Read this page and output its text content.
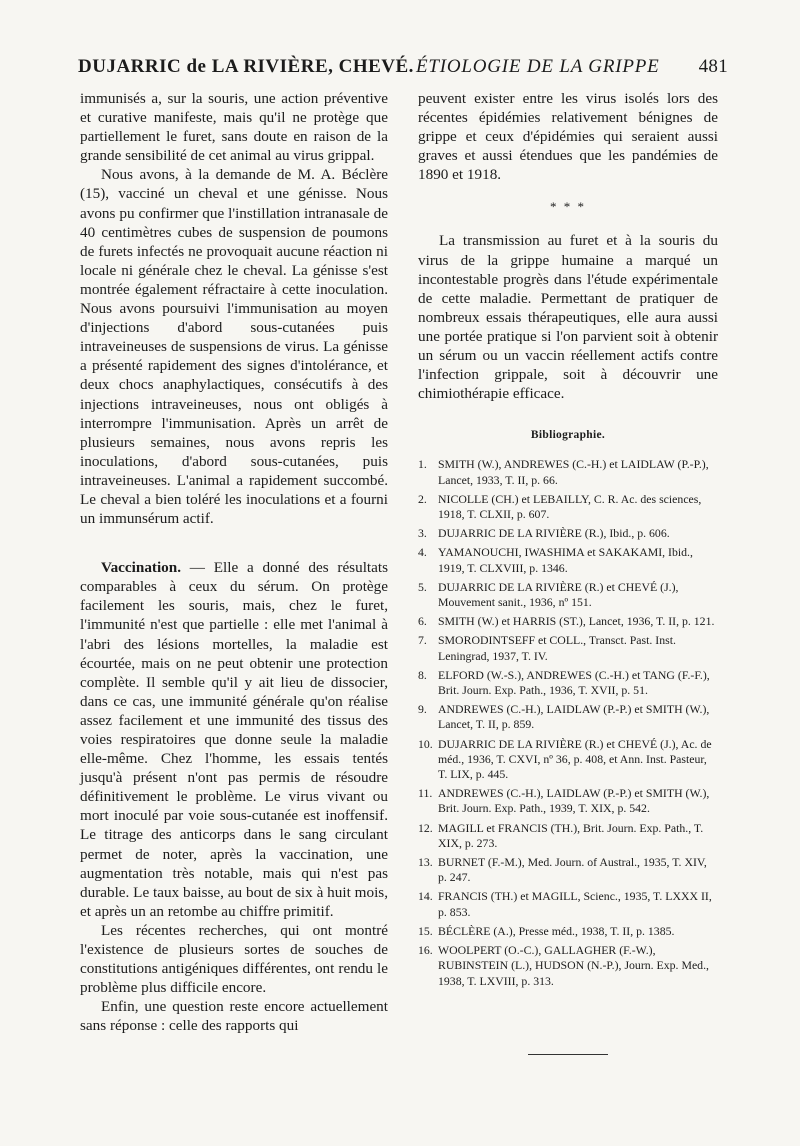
DUJARRIC de LA RIVIÈRE, CHEVÉ. ÉTIOLOGIE DE LA GRIPPE 481

immunisés a, sur la souris, une action préventive et curative manifeste, mais qu'il ne protège que partiellement le furet, sans doute en raison de la grande sensibilité de cet animal au virus grippal.

Nous avons, à la demande de M. A. Béclère (15), vacciné un cheval et une génisse. Nous avons pu confirmer que l'instillation intranasale de 40 centimètres cubes de suspension de poumons de furets infectés ne provoquait aucune réaction ni locale ni générale chez le cheval. La génisse s'est montrée également réfractaire à cette inoculation. Nous avons poursuivi l'immunisation au moyen d'injections d'abord sous-cutanées puis intraveineuses de suspensions de virus. La génisse a présenté rapidement des signes d'intolérance, et deux chocs anaphylactiques, consécutifs à des injections intraveineuses, nous ont obligés à interrompre l'immunisation. Après un arrêt de plusieurs semaines, nous avons repris les inoculations, d'abord sous-cutanées, puis intraveineuses. L'animal a rapidement succombé. Le cheval a bien toléré les inoculations et a fourni un immunsérum actif.

Vaccination. — Elle a donné des résultats comparables à ceux du sérum. On protège facilement les souris, mais, chez le furet, l'immunité n'est que partielle : elle met l'animal à l'abri des lésions mortelles, la maladie est écourtée, mais on ne peut obtenir une protection complète. Il semble qu'il y ait lieu de dissocier, dans ce cas, une immunité générale qu'on réalise assez facilement et une immunité des tissus des voies respiratoires que donne seule la maladie elle-même. Chez l'homme, les essais tentés jusqu'à présent n'ont pas permis de résoudre définitivement le problème. Le virus vivant ou mort inoculé par voie sous-cutanée est inoffensif. Le titrage des anticorps dans le sang circulant permet de noter, après la vaccination, une augmentation très notable, mais qui n'est pas durable. Le taux baisse, au bout de six à huit mois, et après un an retombe au chiffre primitif.

Les récentes recherches, qui ont montré l'existence de plusieurs sortes de souches de constitutions antigéniques différentes, ont rendu le problème plus difficile encore.

Enfin, une question reste encore actuellement sans réponse : celle des rapports qui

peuvent exister entre les virus isolés lors des récentes épidémies relativement bénignes de grippe et ceux d'épidémies qui seraient aussi graves et aussi étendues que les pandémies de 1890 et 1918.

* * *

La transmission au furet et à la souris du virus de la grippe humaine a marqué un incontestable progrès dans l'étude expérimentale de cette maladie. Permettant de pratiquer de nombreux essais thérapeutiques, elle aura aussi une portée pratique si l'on parvient soit à obtenir un sérum ou un vaccin réellement actifs contre l'infection grippale, soit à découvrir une chimiothérapie efficace.

Bibliographie.
1. SMITH (W.), ANDREWES (C.-H.) et LAIDLAW (P.-P.), Lancet, 1933, T. II, p. 66.
2. NICOLLE (CH.) et LEBAILLY, C. R. Ac. des sciences, 1918, T. CLXII, p. 607.
3. DUJARRIC DE LA RIVIÈRE (R.), Ibid., p. 606.
4. YAMANOUCHI, IWASHIMA et SAKAKAMI, Ibid., 1919, T. CLXVIII, p. 1346.
5. DUJARRIC DE LA RIVIÈRE (R.) et CHEVÉ (J.), Mouvement sanit., 1936, nº 151.
6. SMITH (W.) et HARRIS (ST.), Lancet, 1936, T. II, p. 121.
7. SMORODINTSEFF et COLL., Transct. Past. Inst. Leningrad, 1937, T. IV.
8. ELFORD (W.-S.), ANDREWES (C.-H.) et TANG (F.-F.), Brit. Journ. Exp. Path., 1936, T. XVII, p. 51.
9. ANDREWES (C.-H.), LAIDLAW (P.-P.) et SMITH (W.), Lancet, T. II, p. 859.
10. DUJARRIC DE LA RIVIÈRE (R.) et CHEVÉ (J.), Ac. de méd., 1936, T. CXVI, nº 36, p. 408, et Ann. Inst. Pasteur, T. LIX, p. 445.
11. ANDREWES (C.-H.), LAIDLAW (P.-P.) et SMITH (W.), Brit. Journ. Exp. Path., 1939, T. XIX, p. 542.
12. MAGILL et FRANCIS (TH.), Brit. Journ. Exp. Path., T. XIX, p. 273.
13. BURNET (F.-M.), Med. Journ. of Austral., 1935, T. XIV, p. 247.
14. FRANCIS (TH.) et MAGILL, Scienc., 1935, T. LXXX II, p. 853.
15. BÉCLÈRE (A.), Presse méd., 1938, T. II, p. 1385.
16. WOOLPERT (O.-C.), GALLAGHER (F.-W.), RUBINSTEIN (L.), HUDSON (N.-P.), Journ. Exp. Med., 1938, T. LXVIII, p. 313.
